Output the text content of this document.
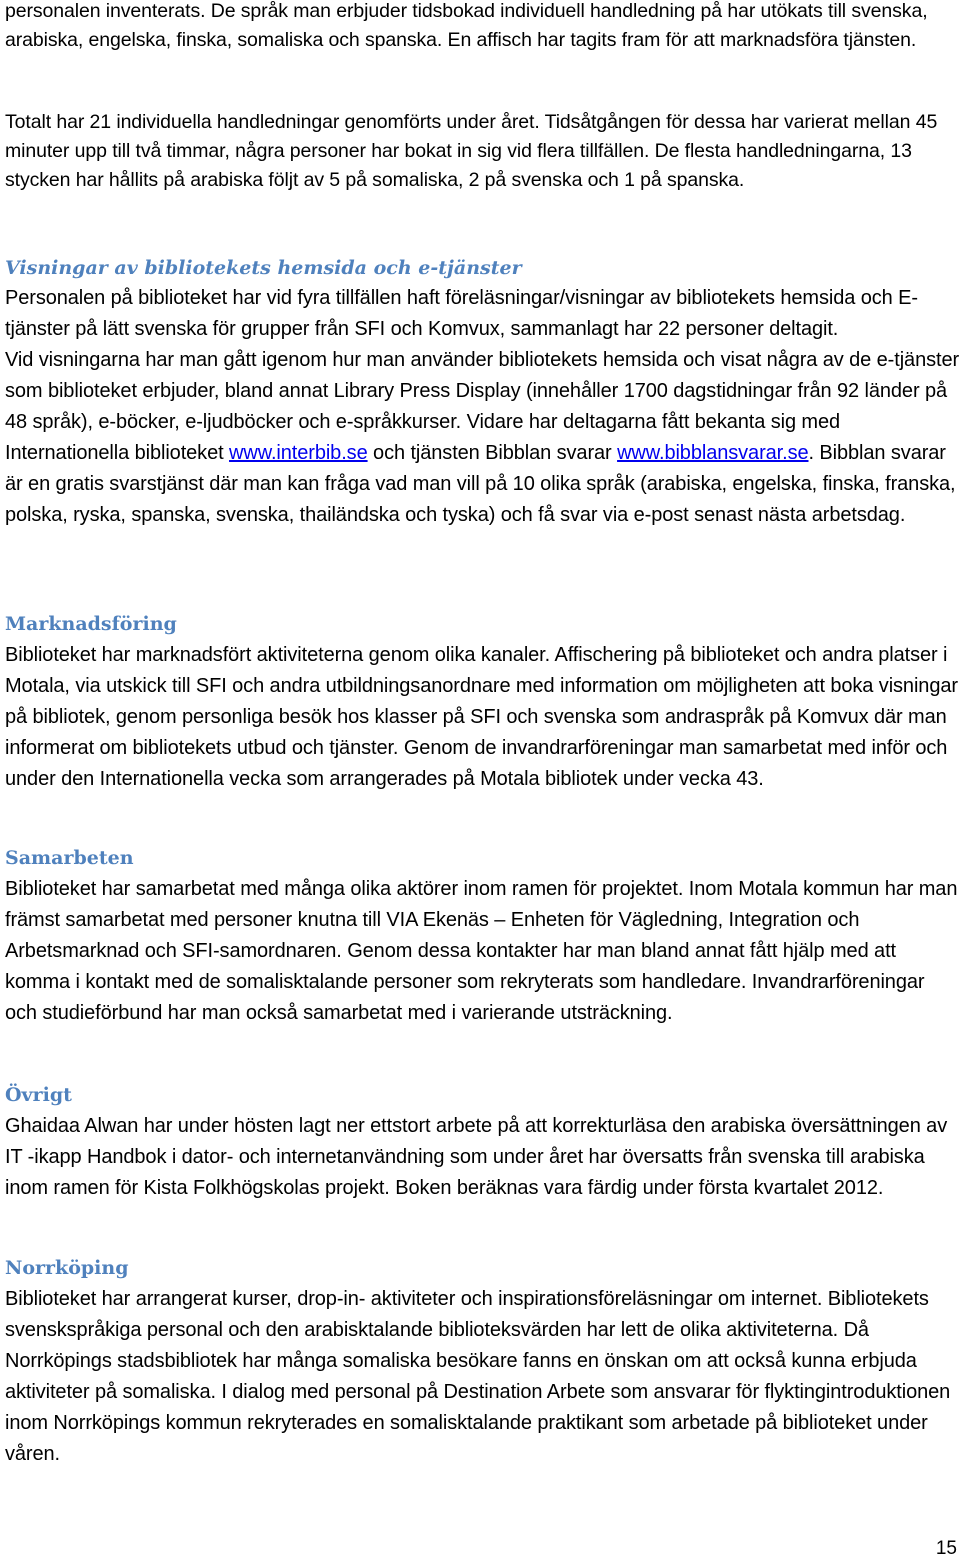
personalen inventerats. De språk man erbjuder tidsbokad individuell handledning på har utökats till svenska, arabiska, engelska, finska, somaliska och spanska. En affisch har tagits fram för att marknadsföra tjänsten.

Totalt har 21 individuella handledningar genomförts under året. Tidsåtgången för dessa har varierat mellan 45 minuter upp till två timmar, några personer har bokat in sig vid flera tillfällen. De flesta handledningarna, 13 stycken har hållits på arabiska följt av 5 på somaliska, 2 på svenska och 1 på spanska.

Visningar av bibliotekets hemsida och e-tjänster

Personalen på biblioteket har vid fyra tillfällen haft föreläsningar/visningar av bibliotekets hemsida och E-tjänster på lätt svenska för grupper från SFI och Komvux, sammanlagt har 22 personer deltagit.

Vid visningarna har man gått igenom hur man använder bibliotekets hemsida och visat några av de e-tjänster som biblioteket erbjuder, bland annat Library Press Display (innehåller 1700 dagstidningar från 92 länder på 48 språk), e-böcker, e-ljudböcker och e-språkkurser. Vidare har deltagarna fått bekanta sig med Internationella biblioteket www.interbib.se och tjänsten Bibblan svarar www.bibblansvarar.se. Bibblan svarar är en gratis svarstjänst där man kan fråga vad man vill på 10 olika språk (arabiska, engelska, finska, franska, polska, ryska, spanska, svenska, thailändska och tyska) och få svar via e-post senast nästa arbetsdag.

Marknadsföring

Biblioteket har marknadsfört aktiviteterna genom olika kanaler. Affischering på biblioteket och andra platser i Motala, via utskick till SFI och andra utbildningsanordnare med information om möjligheten att boka visningar på bibliotek, genom personliga besök hos klasser på SFI och svenska som andraspråk på Komvux där man informerat om bibliotekets utbud och tjänster. Genom de invandrarföreningar man samarbetat med inför och under den Internationella vecka som arrangerades på Motala bibliotek under vecka 43.

Samarbeten

Biblioteket har samarbetat med många olika aktörer inom ramen för projektet. Inom Motala kommun har man främst samarbetat med personer knutna till VIA Ekenäs – Enheten för Vägledning, Integration och Arbetsmarknad och SFI-samordnaren. Genom dessa kontakter har man bland annat fått hjälp med att komma i kontakt med de somalisktalande personer som rekryterats som handledare. Invandrarföreningar och studieförbund har man också samarbetat med i varierande utsträckning.

Övrigt

Ghaidaa Alwan har under hösten lagt ner ettstort arbete på att korrekturläsa den arabiska översättningen av IT -ikapp Handbok i dator- och internetanvändning som under året har översatts från svenska till arabiska inom ramen för Kista Folkhögskolas projekt. Boken beräknas vara färdig under första kvartalet 2012.

Norrköping

Biblioteket har arrangerat kurser, drop-in- aktiviteter och inspirationsföreläsningar om internet. Bibliotekets svenskspråkiga personal och den arabisktalande biblioteksvärden har lett de olika aktiviteterna. Då Norrköpings stadsbibliotek har många somaliska besökare fanns en önskan om att också kunna erbjuda aktiviteter på somaliska. I dialog med personal på Destination Arbete som ansvarar för flyktingintroduktionen inom Norrköpings kommun rekryterades en somalisktalande praktikant som arbetade på biblioteket under våren.

15
